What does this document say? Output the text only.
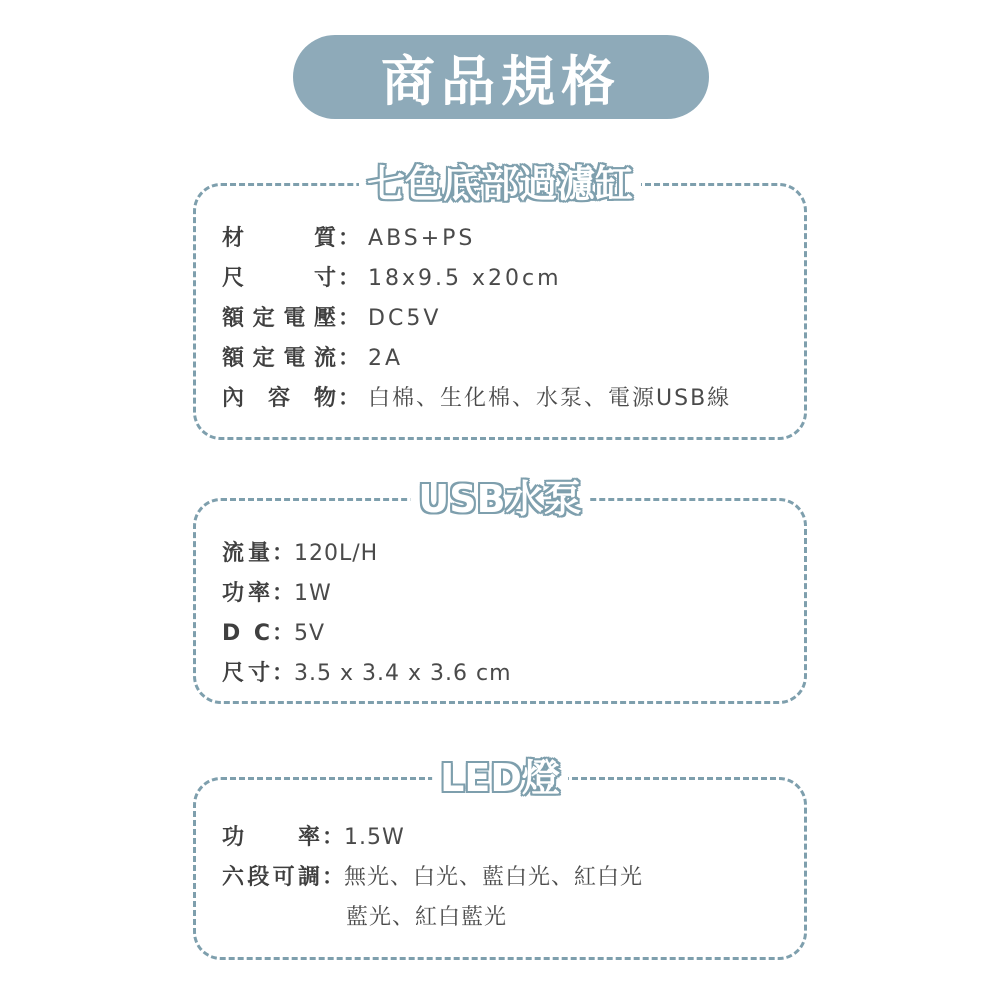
商品規格
七色底部過濾缸
材 質 ： ABS+PS
尺 寸 ： 18x9.5 x20cm
額定電壓 ： DC5V
額定電流 ： 2A
內 容 物 ： 白棉、生化棉、水泵、電源USB線
USB水泵
流量 ： 120L/H
功率 ： 1W
D C ： 5V
尺寸 ： 3.5 x 3.4 x 3.6 cm
LED燈
功 率 ： 1.5W
六段可調 ： 無光、白光、藍白光、紅白光
藍光、紅白藍光
